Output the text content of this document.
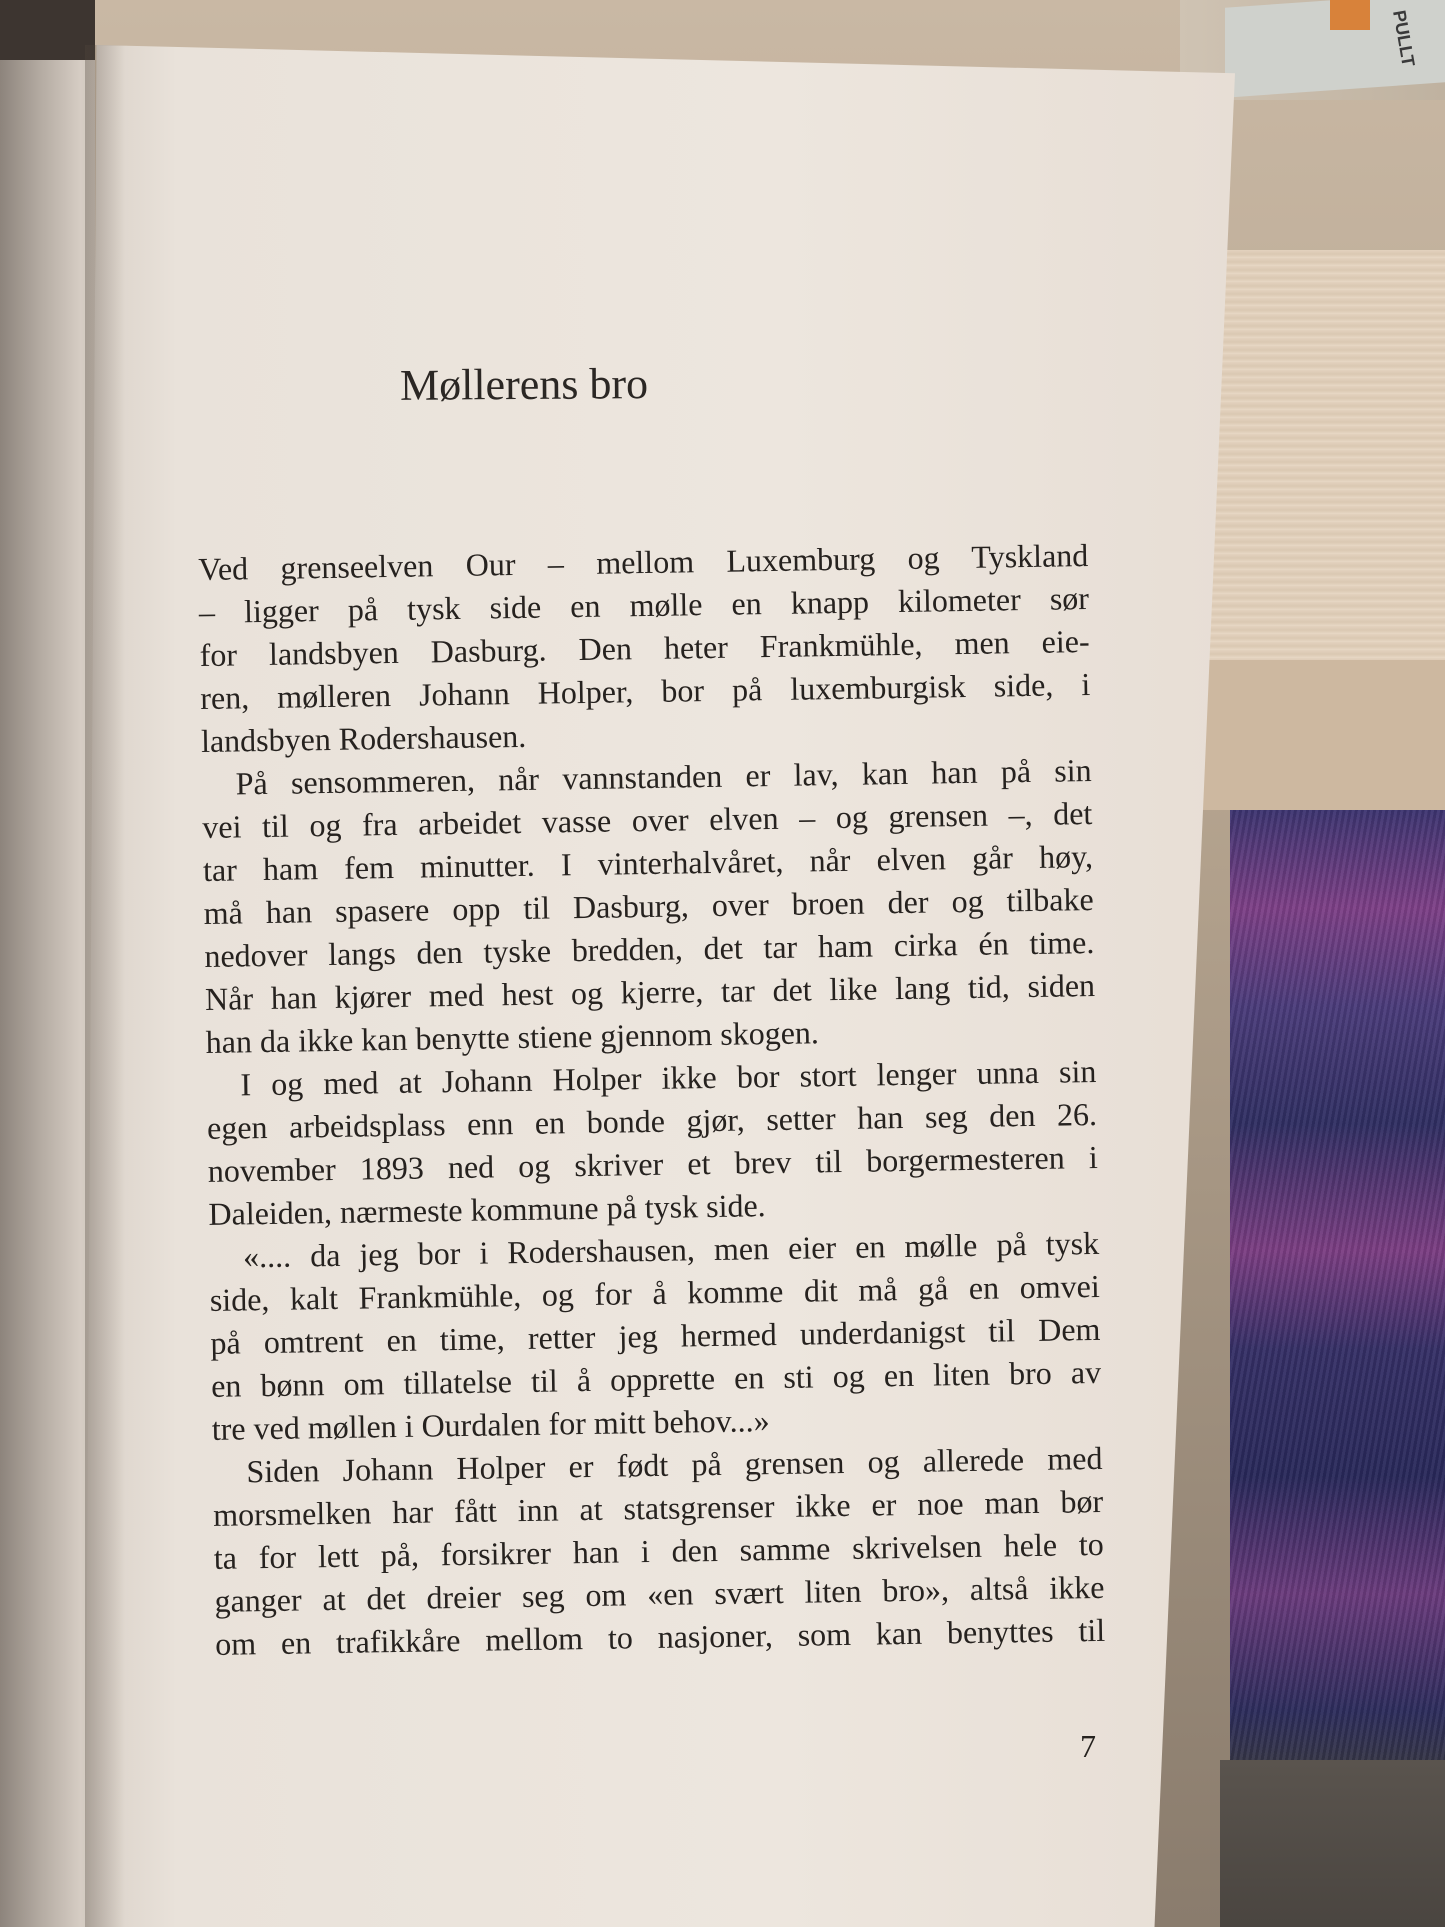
PULLT
Møllerens bro
Ved grenseelven Our – mellom Luxemburg og Tyskland
– ligger på tysk side en mølle en knapp kilometer sør
for landsbyen Dasburg. Den heter Frankmühle, men eie-
ren, mølleren Johann Holper, bor på luxemburgisk side, i
landsbyen Rodershausen.
På sensommeren, når vannstanden er lav, kan han på sin
vei til og fra arbeidet vasse over elven – og grensen –, det
tar ham fem minutter. I vinterhalvåret, når elven går høy,
må han spasere opp til Dasburg, over broen der og tilbake
nedover langs den tyske bredden, det tar ham cirka én time.
Når han kjører med hest og kjerre, tar det like lang tid, siden
han da ikke kan benytte stiene gjennom skogen.
I og med at Johann Holper ikke bor stort lenger unna sin
egen arbeidsplass enn en bonde gjør, setter han seg den 26.
november 1893 ned og skriver et brev til borgermesteren i
Daleiden, nærmeste kommune på tysk side.
«.... da jeg bor i Rodershausen, men eier en mølle på tysk
side, kalt Frankmühle, og for å komme dit må gå en omvei
på omtrent en time, retter jeg hermed underdanigst til Dem
en bønn om tillatelse til å opprette en sti og en liten bro av
tre ved møllen i Ourdalen for mitt behov...»
Siden Johann Holper er født på grensen og allerede med
morsmelken har fått inn at statsgrenser ikke er noe man bør
ta for lett på, forsikrer han i den samme skrivelsen hele to
ganger at det dreier seg om «en svært liten bro», altså ikke
om en trafikkåre mellom to nasjoner, som kan benyttes til

7
